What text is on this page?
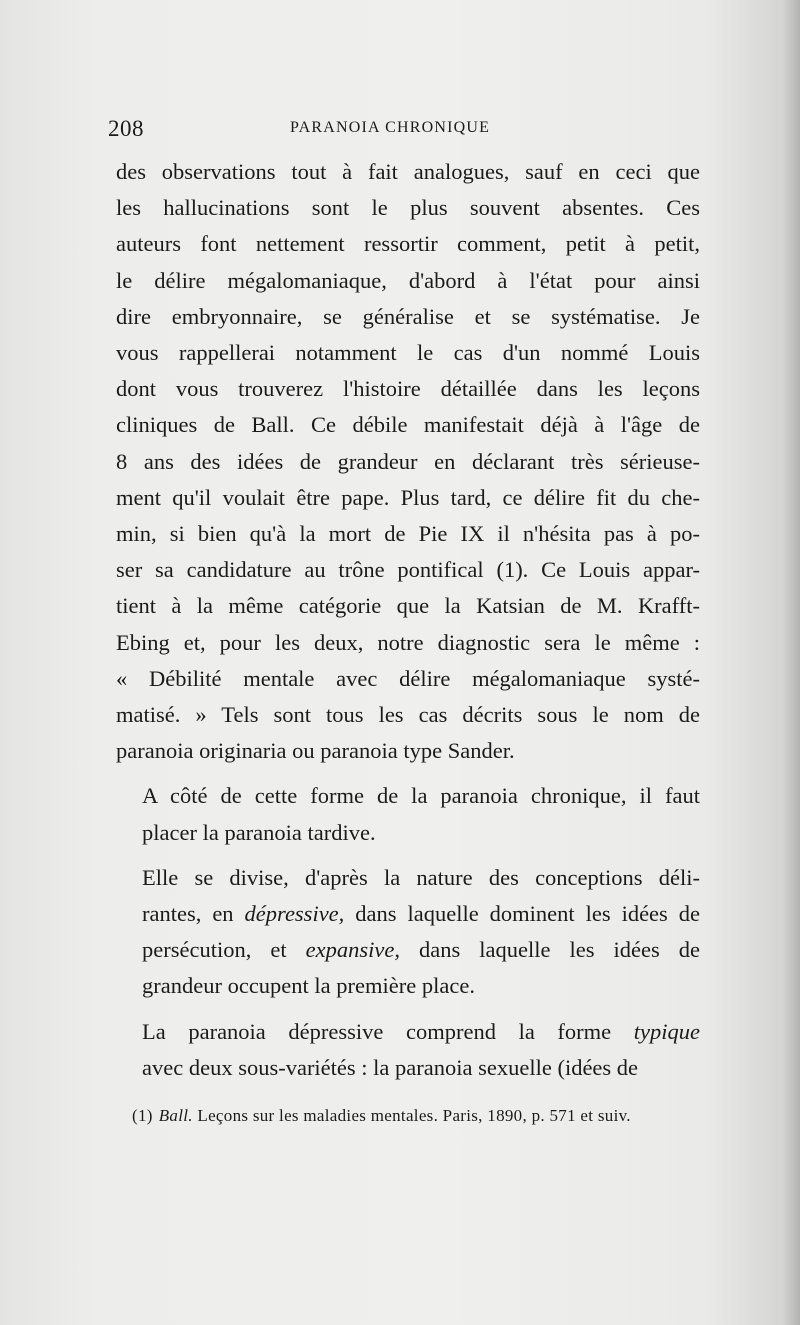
208	PARANOIA CHRONIQUE

des observations tout à fait analogues, sauf en ceci que
les hallucinations sont le plus souvent absentes. Ces
auteurs font nettement ressortir comment, petit à petit,
le délire mégalomaniaque, d'abord à l'état pour ainsi
dire embryonnaire, se généralise et se systématise. Je
vous rappellerai notamment le cas d'un nommé Louis
dont vous trouverez l'histoire détaillée dans les leçons
cliniques de Ball. Ce débile manifestait déjà à l'âge de
8 ans des idées de grandeur en déclarant très sérieuse-
ment qu'il voulait être pape. Plus tard, ce délire fit du che-
min, si bien qu'à la mort de Pie IX il n'hésita pas à po-
ser sa candidature au trône pontifical (1). Ce Louis appar-
tient à la même catégorie que la Katsian de M. Krafft-
Ebing et, pour les deux, notre diagnostic sera le même :
« Débilité mentale avec délire mégalomaniaque systé-
matisé. » Tels sont tous les cas décrits sous le nom de
paranoia originaria ou paranoia type Sander.

A côté de cette forme de la paranoia chronique, il faut
placer la paranoia tardive.

Elle se divise, d'après la nature des conceptions déli-
rantes, en dépressive, dans laquelle dominent les idées de
persécution, et expansive, dans laquelle les idées de
grandeur occupent la première place.

La paranoia dépressive comprend la forme typique
avec deux sous-variétés : la paranoia sexuelle (idées de

(1) Ball. Leçons sur les maladies mentales. Paris, 1890, p. 571 et suiv.
